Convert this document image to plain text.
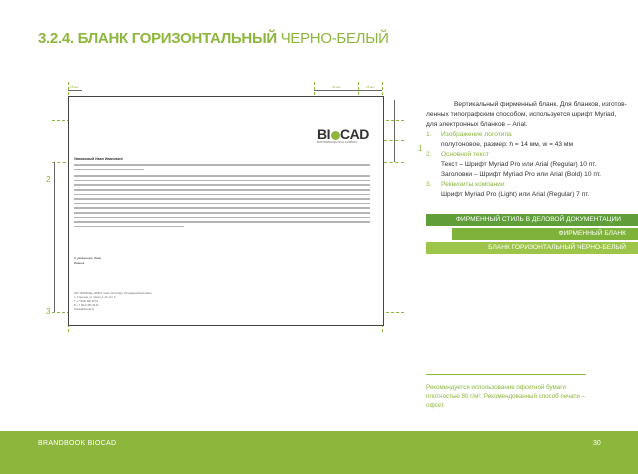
3.2.4. БЛАНК ГОРИЗОНТАЛЬНЫЙ ЧЕРНО-БЕЛЫЙ
15 мм	40 мм	15 мм
BI CAD
BIOPHARMACEUTICAL COMPANY
Уважаемый Иван Иванович!
С уважением, Иван Иванов
ЗАО «БИОКАД» 198515, Санкт-Петербург, Петродворцовый район,
п. Стрельна, ул. Связи, д. 34, лит. А
Т. +7 (812) 380 49 33
Ф. +7 (812) 380 49 34
biocad@biocad.ru
1
2
3
Вертикальный фирменный бланк. Для бланков, изготов-
ленных типографским способом, используется шрифт Myriad,
для электронных бланков – Arial.
1. Изображение логотипа
полутоновое, размер: h = 14 мм, w = 43 мм
2. Основной текст
Текст – Шрифт Myriad Pro или Arial (Regular) 10 пт.
Заголовки – Шрифт Myriad Pro или Arial (Bold) 10 пт.
3. Реквизиты компании
Шрифт Myriad Pro (Light) или Arial (Regular) 7 пт.
ФИРМЕННЫЙ СТИЛЬ В ДЕЛОВОЙ ДОКУМЕНТАЦИИ
ФИРМЕННЫЙ БЛАНК
БЛАНК ГОРИЗОНТАЛЬНЫЙ ЧЕРНО-БЕЛЫЙ
Рекомендуется использование офсетной бумаги плотностью 80 г/м². Рекомендованный способ печати – офсет.
BRANDBOOK BIOCAD	30
